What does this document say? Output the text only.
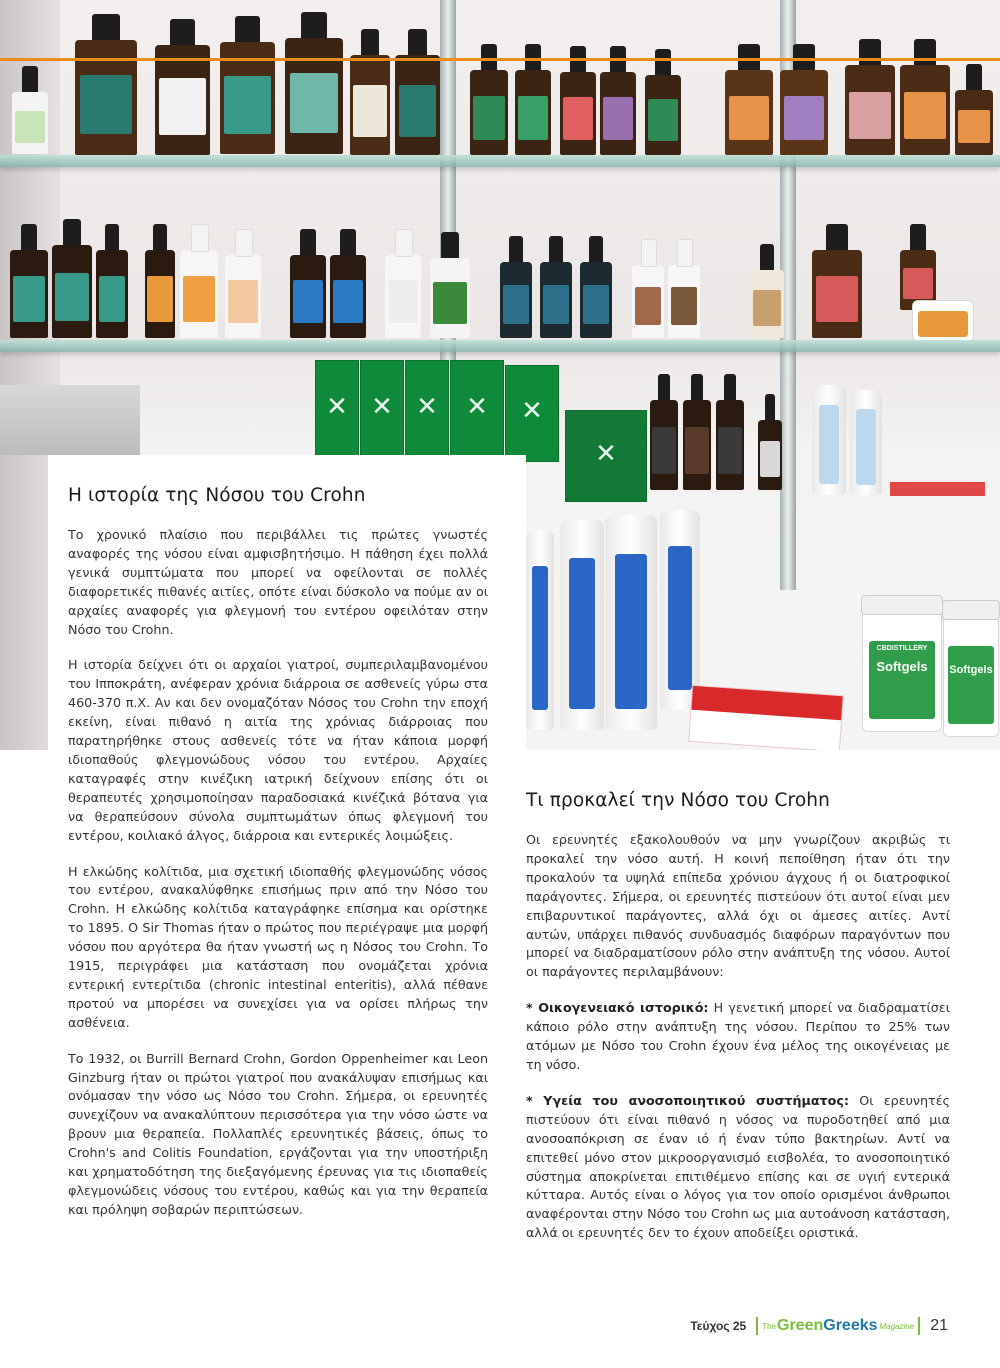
✕
✕
✕
✕
✕
✕
CBDISTILLERY
Softgels	Softgels
Η ιστορία της Νόσου του Crohn

Το χρονικό πλαίσιο που περιβάλλει τις πρώτες γνωστές αναφορές της νόσου είναι αμφισβητήσιμο. Η πάθηση έχει πολλά γενικά συμπτώματα που μπορεί να οφείλονται σε πολλές διαφορετικές πιθανές αιτίες, οπότε είναι δύσκολο να πούμε αν οι αρχαίες αναφορές για φλεγμονή του εντέρου οφειλόταν στην Νόσο του Crohn.

Η ιστορία δείχνει ότι οι αρχαίοι γιατροί, συμπεριλαμβανομένου του Ιπποκράτη, ανέφεραν χρόνια διάρροια σε ασθενείς γύρω στα 460-370 π.Χ. Αν και δεν ονομαζόταν Νόσος του Crohn την εποχή εκείνη, είναι πιθανό η αιτία της χρόνιας διάρροιας που παρατηρήθηκε στους ασθενείς τότε να ήταν κάποια μορφή ιδιοπαθούς φλεγμονώδους νόσου του εντέρου. Αρχαίες καταγραφές στην κινέζικη ιατρική δείχνουν επίσης ότι οι θεραπευτές χρησιμοποίησαν παραδοσιακά κινέζικά βότανα για να θεραπεύσουν σύνολα συμπτωμάτων όπως φλεγμονή του εντέρου, κοιλιακό άλγος, διάρροια και εντερικές λοιμώξεις.

Η ελκώδης κολίτιδα, μια σχετική ιδιοπαθής φλεγμονώδης νόσος του εντέρου, ανακαλύφθηκε επισήμως πριν από την Νόσο του Crohn. Η ελκώδης κολίτιδα καταγράφηκε επίσημα και ορίστηκε το 1895. Ο Sir Thomas ήταν ο πρώτος που περιέγραψε μια μορφή νόσου που αργότερα θα ήταν γνωστή ως η Νόσος του Crohn. Το 1915, περιγράφει μια κατάσταση που ονομάζεται χρόνια εντερική εντερίτιδα (chronic intestinal enteritis), αλλά πέθανε προτού να μπορέσει να συνεχίσει για να ορίσει πλήρως την ασθένεια.

Το 1932, οι Burrill Bernard Crohn, Gordon Oppenheimer και Leon Ginzburg ήταν οι πρώτοι γιατροί που ανακάλυψαν επισήμως και ονόμασαν την νόσο ως Νόσο του Crohn. Σήμερα, οι ερευνητές συνεχίζουν να ανακαλύπτουν περισσότερα για την νόσο ώστε να βρουν μια θεραπεία. Πολλαπλές ερευνητικές βάσεις, όπως το Crohn's and Colitis Foundation, εργάζονται για την υποστήριξη και χρηματοδότηση της διεξαγόμενης έρευνας για τις ιδιοπαθείς φλεγμονώδεις νόσους του εντέρου, καθώς και για την θεραπεία και πρόληψη σοβαρών περιπτώσεων.

Τι προκαλεί την Νόσο του Crohn

Οι ερευνητές εξακολουθούν να μην γνωρίζουν ακριβώς τι προκαλεί την νόσο αυτή. Η κοινή πεποίθηση ήταν ότι την προκαλούν τα υψηλά επίπεδα χρόνιου άγχους ή οι διατροφικοί παράγοντες. Σήμερα, οι ερευνητές πιστεύουν ότι αυτοί είναι μεν επιβαρυντικοί παράγοντες, αλλά όχι οι άμεσες αιτίες. Αντί αυτών, υπάρχει πιθανός συνδυασμός διαφόρων παραγόντων που μπορεί να διαδραματίσουν ρόλο στην ανάπτυξη της νόσου. Αυτοί οι παράγοντες περιλαμβάνουν:

* Οικογενειακό ιστορικό: Η γενετική μπορεί να διαδραματίσει κάποιο ρόλο στην ανάπτυξη της νόσου. Περίπου το 25% των ατόμων με Νόσο του Crohn έχουν ένα μέλος της οικογένειας με τη νόσο.

* Υγεία του ανοσοποιητικού συστήματος: Οι ερευνητές πιστεύουν ότι είναι πιθανό η νόσος να πυροδοτηθεί από μια ανοσοαπόκριση σε έναν ιό ή έναν τύπο βακτηρίων. Αντί να επιτεθεί μόνο στον μικροοργανισμό εισβολέα, το ανοσοποιητικό σύστημα αποκρίνεται επιτιθέμενο επίσης και σε υγιή εντερικά κύτταρα. Αυτός είναι ο λόγος για τον οποίο ορισμένοι άνθρωποι αναφέρονται στην Νόσο του Crohn ως μια αυτοάνοση κατάσταση, αλλά οι ερευνητές δεν το έχουν αποδείξει οριστικά.

Τεύχος 25 The Green Greeks Magazine 21
